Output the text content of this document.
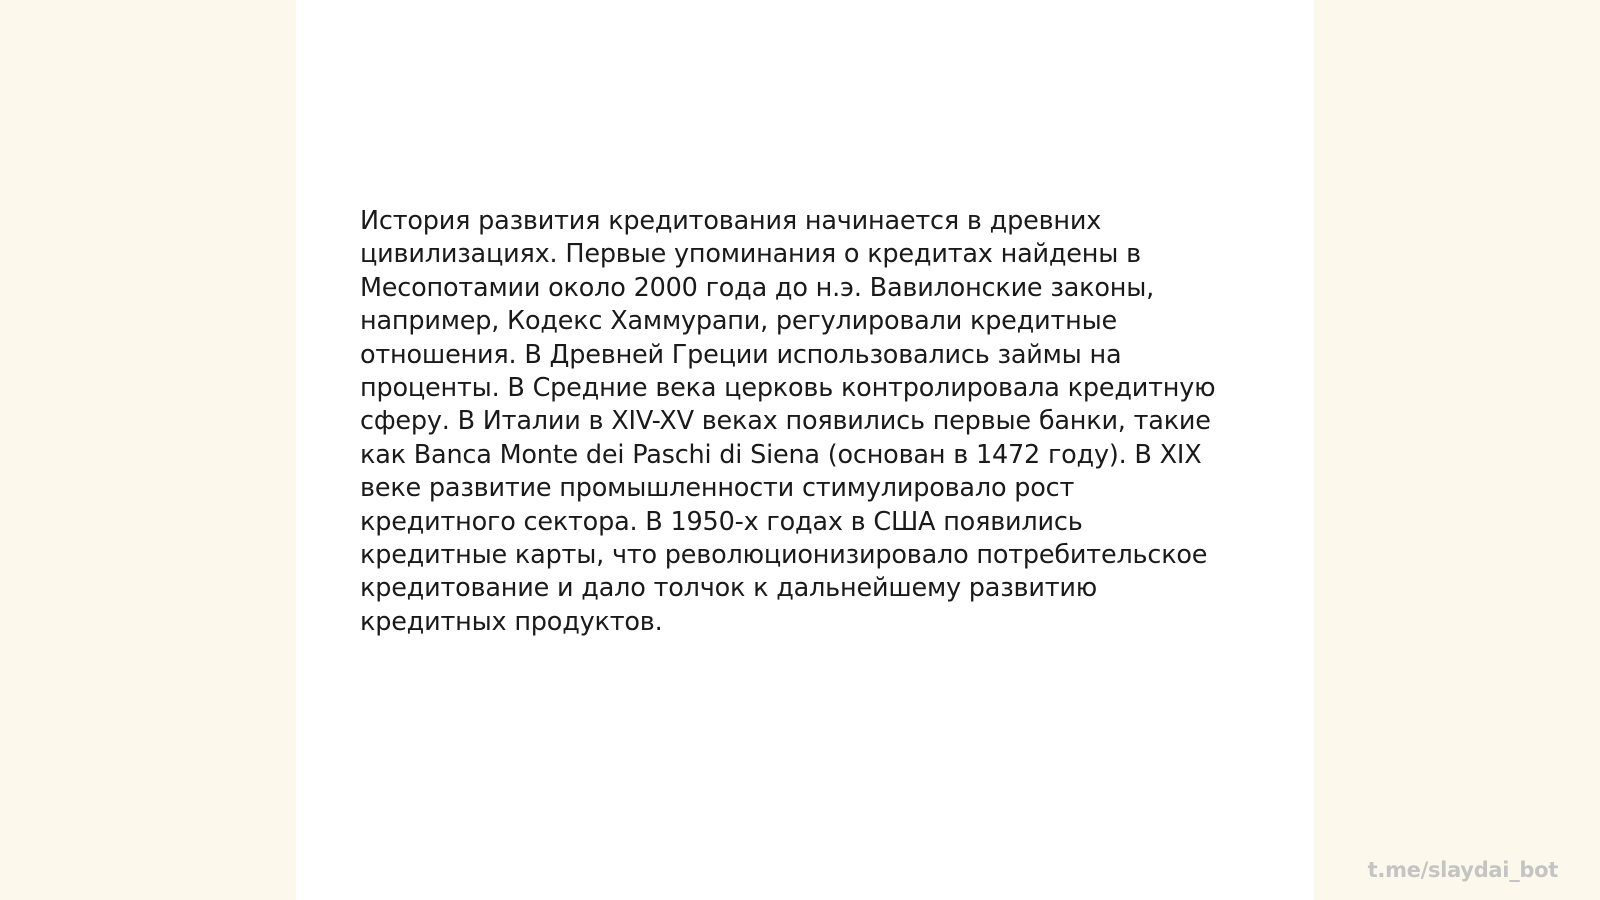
История развития кредитования начинается в древних
цивилизациях. Первые упоминания о кредитах найдены в
Месопотамии около 2000 года до н.э. Вавилонские законы,
например, Кодекс Хаммурапи, регулировали кредитные
отношения. В Древней Греции использовались займы на
проценты. В Средние века церковь контролировала кредитную
сферу. В Италии в XIV-XV веках появились первые банки, такие
как Banca Monte dei Paschi di Siena (основан в 1472 году). В XIX
веке развитие промышленности стимулировало рост
кредитного сектора. В 1950-х годах в США появились
кредитные карты, что революционизировало потребительское
кредитование и дало толчок к дальнейшему развитию
кредитных продуктов.

t.me/slaydai_bot
